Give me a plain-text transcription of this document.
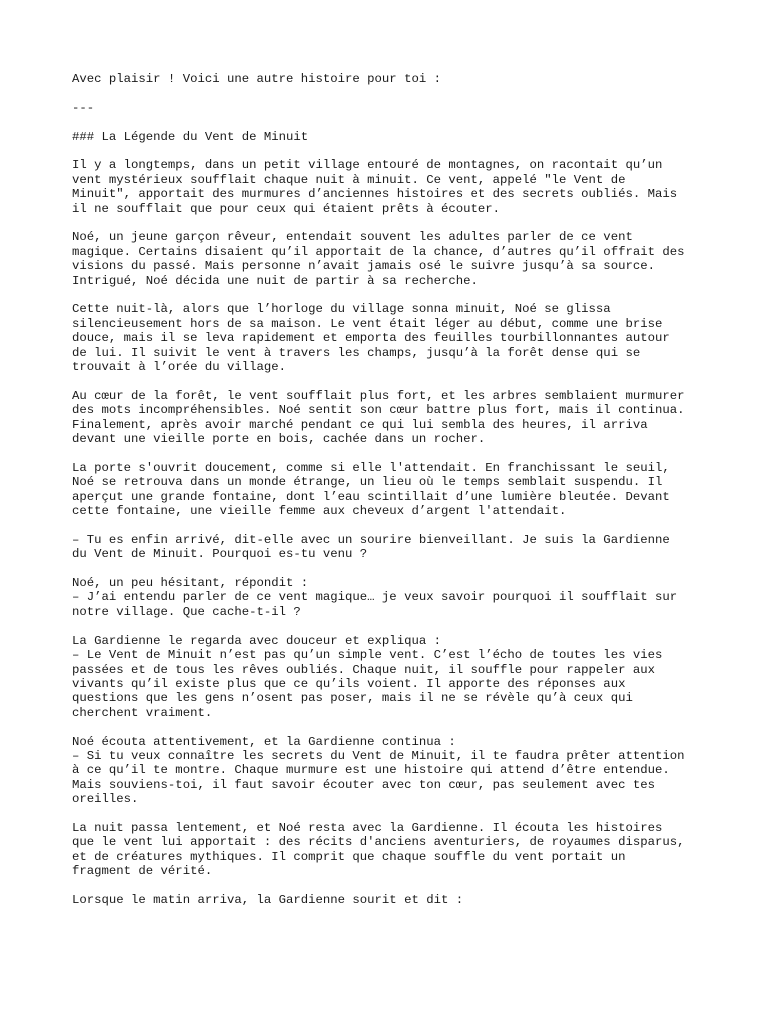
Avec plaisir ! Voici une autre histoire pour toi :
---
### La Légende du Vent de Minuit
Il y a longtemps, dans un petit village entouré de montagnes, on racontait qu’un
vent mystérieux soufflait chaque nuit à minuit. Ce vent, appelé "le Vent de
Minuit", apportait des murmures d’anciennes histoires et des secrets oubliés. Mais
il ne soufflait que pour ceux qui étaient prêts à écouter.
Noé, un jeune garçon rêveur, entendait souvent les adultes parler de ce vent
magique. Certains disaient qu’il apportait de la chance, d’autres qu’il offrait des
visions du passé. Mais personne n’avait jamais osé le suivre jusqu’à sa source.
Intrigué, Noé décida une nuit de partir à sa recherche.
Cette nuit-là, alors que l’horloge du village sonna minuit, Noé se glissa
silencieusement hors de sa maison. Le vent était léger au début, comme une brise
douce, mais il se leva rapidement et emporta des feuilles tourbillonnantes autour
de lui. Il suivit le vent à travers les champs, jusqu’à la forêt dense qui se
trouvait à l’orée du village.
Au cœur de la forêt, le vent soufflait plus fort, et les arbres semblaient murmurer
des mots incompréhensibles. Noé sentit son cœur battre plus fort, mais il continua.
Finalement, après avoir marché pendant ce qui lui sembla des heures, il arriva
devant une vieille porte en bois, cachée dans un rocher.
La porte s'ouvrit doucement, comme si elle l'attendait. En franchissant le seuil,
Noé se retrouva dans un monde étrange, un lieu où le temps semblait suspendu. Il
aperçut une grande fontaine, dont l’eau scintillait d’une lumière bleutée. Devant
cette fontaine, une vieille femme aux cheveux d’argent l'attendait.
– Tu es enfin arrivé, dit-elle avec un sourire bienveillant. Je suis la Gardienne
du Vent de Minuit. Pourquoi es-tu venu ?
Noé, un peu hésitant, répondit :
– J’ai entendu parler de ce vent magique… je veux savoir pourquoi il soufflait sur
notre village. Que cache-t-il ?
La Gardienne le regarda avec douceur et expliqua :
– Le Vent de Minuit n’est pas qu’un simple vent. C’est l’écho de toutes les vies
passées et de tous les rêves oubliés. Chaque nuit, il souffle pour rappeler aux
vivants qu’il existe plus que ce qu’ils voient. Il apporte des réponses aux
questions que les gens n’osent pas poser, mais il ne se révèle qu’à ceux qui
cherchent vraiment.
Noé écouta attentivement, et la Gardienne continua :
– Si tu veux connaître les secrets du Vent de Minuit, il te faudra prêter attention
à ce qu’il te montre. Chaque murmure est une histoire qui attend d’être entendue.
Mais souviens-toi, il faut savoir écouter avec ton cœur, pas seulement avec tes
oreilles.
La nuit passa lentement, et Noé resta avec la Gardienne. Il écouta les histoires
que le vent lui apportait : des récits d'anciens aventuriers, de royaumes disparus,
et de créatures mythiques. Il comprit que chaque souffle du vent portait un
fragment de vérité.
Lorsque le matin arriva, la Gardienne sourit et dit :
